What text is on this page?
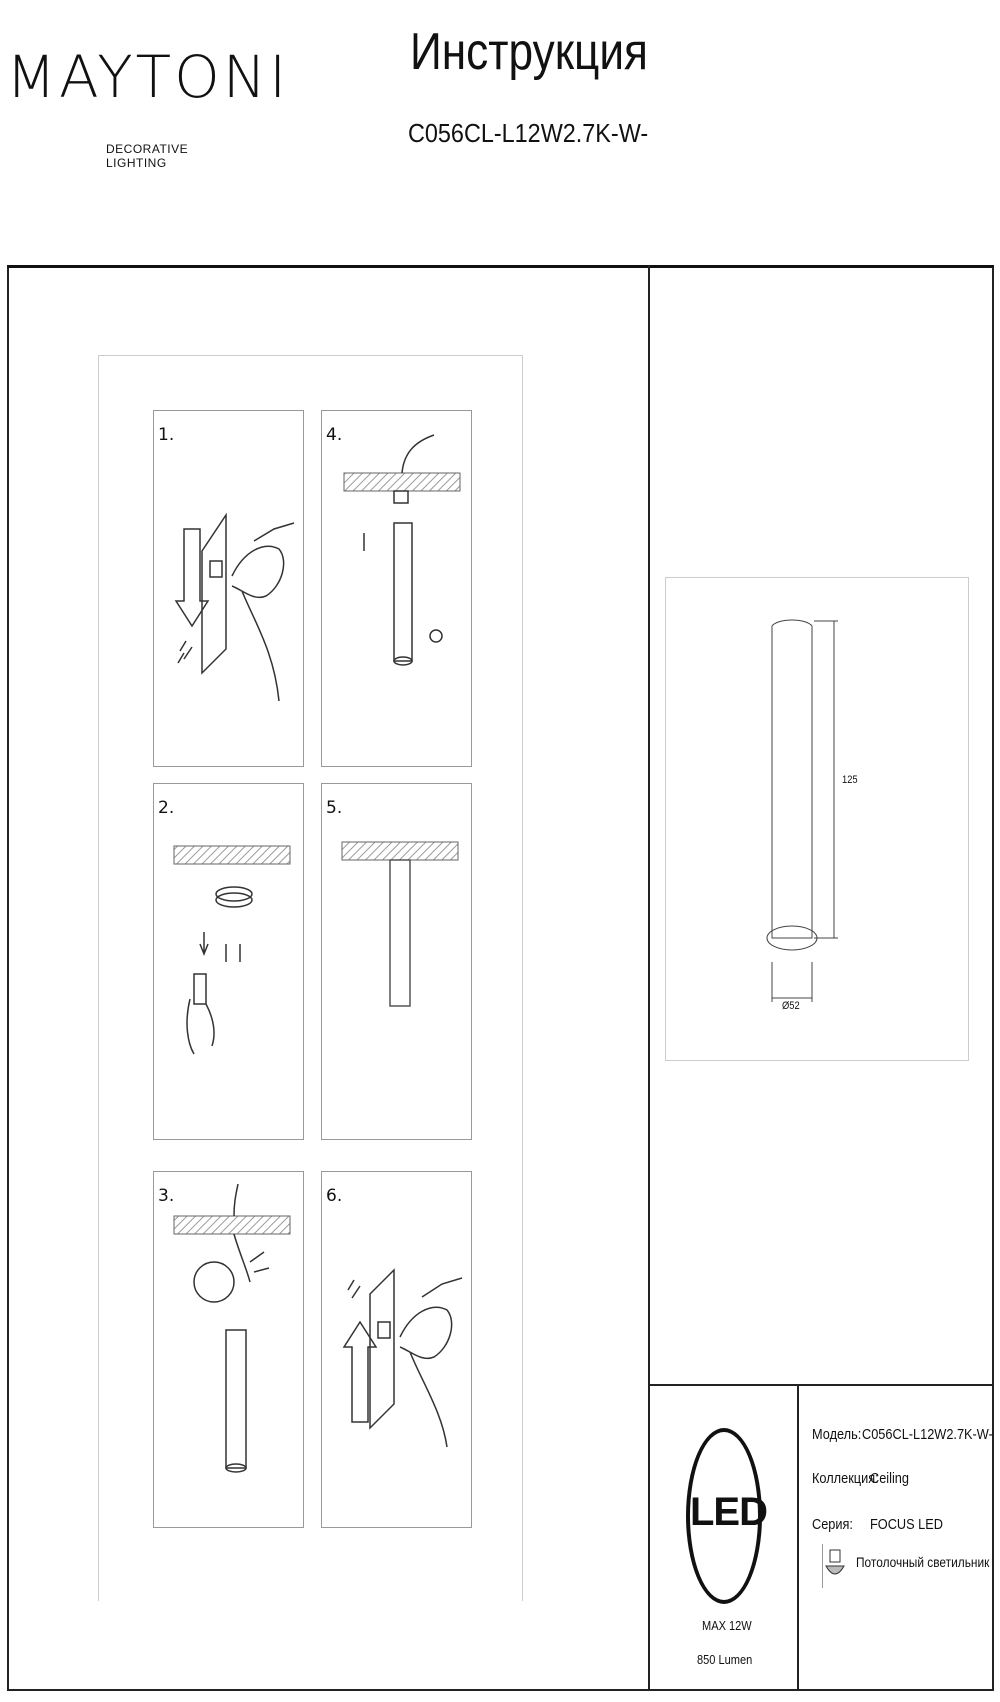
MAYTONI
DECORATIVE LIGHTING
Инструкция
C056CL-L12W2.7K-W-
1.	4.
2.	5.
3.	6.
125
Ø52
LED
MAX 12W
850 Lumen
Модель: C056CL-L12W2.7K-W-
Коллекция:
Ceiling
Серия: FOCUS LED
Потолочный светильник
